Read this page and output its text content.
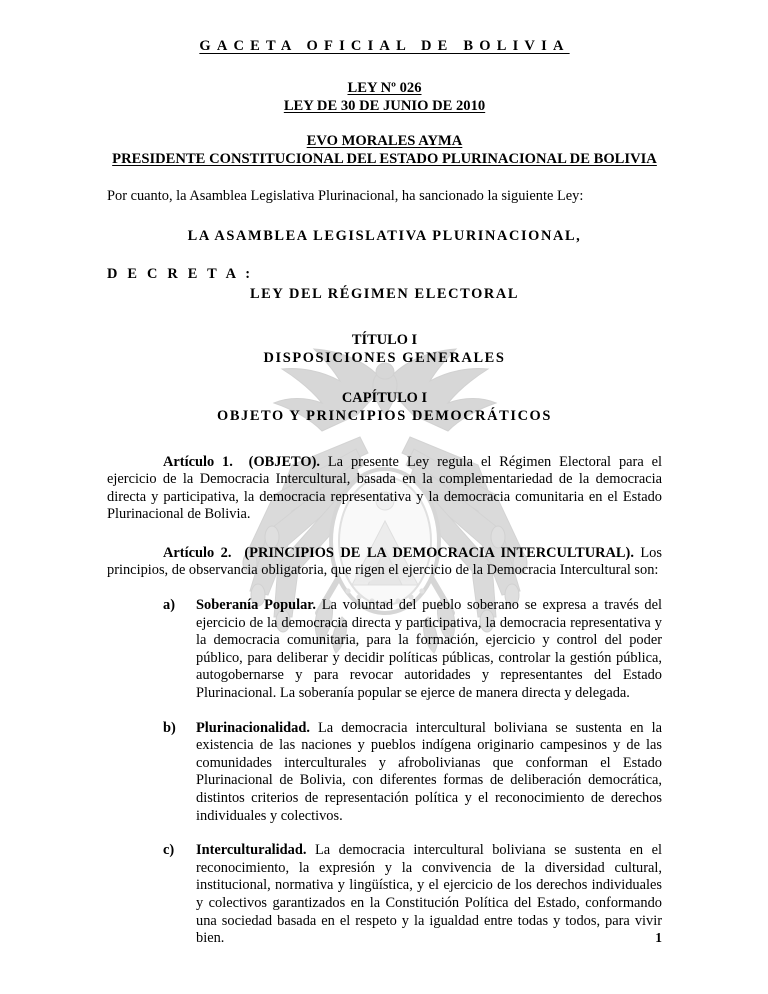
GACETA OFICIAL DE BOLIVIA
LEY Nº 026
LEY DE 30 DE JUNIO DE 2010
EVO MORALES AYMA
PRESIDENTE CONSTITUCIONAL DEL ESTADO PLURINACIONAL DE BOLIVIA

Por cuanto, la Asamblea Legislativa Plurinacional, ha sancionado la siguiente Ley:

LA ASAMBLEA LEGISLATIVA PLURINACIONAL,
D E C R E T A :
LEY DEL RÉGIMEN ELECTORAL
TÍTULO I
DISPOSICIONES GENERALES
CAPÍTULO I
OBJETO Y PRINCIPIOS DEMOCRÁTICOS

Artículo 1. (OBJETO). La presente Ley regula el Régimen Electoral para el ejercicio de la Democracia Intercultural, basada en la complementariedad de la democracia directa y participativa, la democracia representativa y la democracia comunitaria en el Estado Plurinacional de Bolivia.

Artículo 2. (PRINCIPIOS DE LA DEMOCRACIA INTERCULTURAL). Los principios, de observancia obligatoria, que rigen el ejercicio de la Democracia Intercultural son:

a) Soberanía Popular. La voluntad del pueblo soberano se expresa a través del ejercicio de la democracia directa y participativa, la democracia representativa y la democracia comunitaria, para la formación, ejercicio y control del poder público, para deliberar y decidir políticas públicas, controlar la gestión pública, autogobernarse y para revocar autoridades y representantes del Estado Plurinacional. La soberanía popular se ejerce de manera directa y delegada.
b) Plurinacionalidad. La democracia intercultural boliviana se sustenta en la existencia de las naciones y pueblos indígena originario campesinos y de las comunidades interculturales y afrobolivianas que conforman el Estado Plurinacional de Bolivia, con diferentes formas de deliberación democrática, distintos criterios de representación política y el reconocimiento de derechos individuales y colectivos.
c) Interculturalidad. La democracia intercultural boliviana se sustenta en el reconocimiento, la expresión y la convivencia de la diversidad cultural, institucional, normativa y lingüística, y el ejercicio de los derechos individuales y colectivos garantizados en la Constitución Política del Estado, conformando una sociedad basada en el respeto y la igualdad entre todas y todos, para vivir bien.	1
